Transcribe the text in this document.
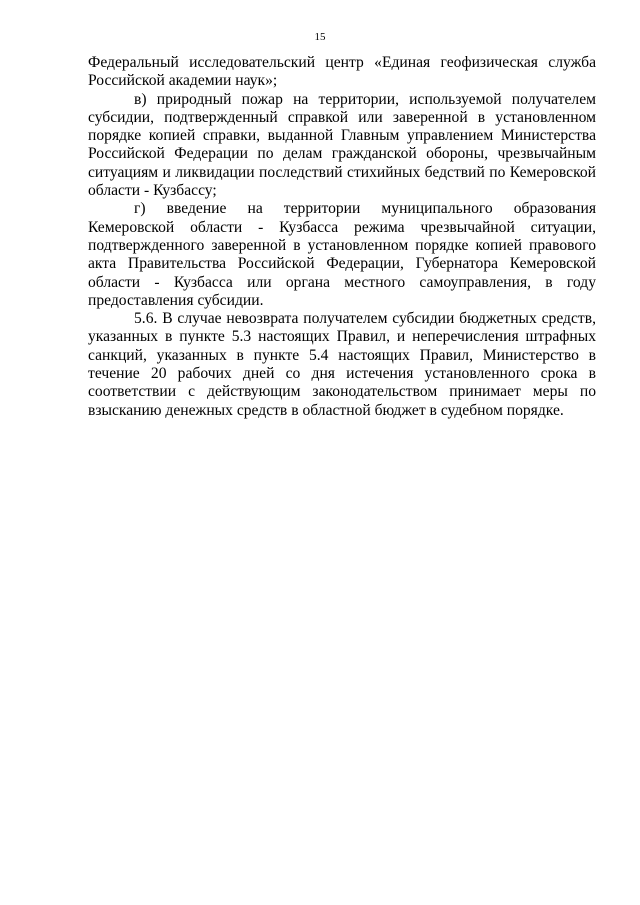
15

Федеральный исследовательский центр «Единая геофизическая служба Российской академии наук»;

в) природный пожар на территории, используемой получателем субсидии, подтвержденный справкой или заверенной в установленном порядке копией справки, выданной Главным управлением Министерства Российской Федерации по делам гражданской обороны, чрезвычайным ситуациям и ликвидации последствий стихийных бедствий по Кемеровской области - Кузбассу;

г) введение на территории муниципального образования Кемеровской области - Кузбасса режима чрезвычайной ситуации, подтвержденного заверенной в установленном порядке копией правового акта Правительства Российской Федерации, Губернатора Кемеровской области - Кузбасса или органа местного самоуправления, в году предоставления субсидии.

5.6. В случае невозврата получателем субсидии бюджетных средств, указанных в пункте 5.3 настоящих Правил, и неперечисления штрафных санкций, указанных в пункте 5.4 настоящих Правил, Министерство в течение 20 рабочих дней со дня истечения установленного срока в соответствии с действующим законодательством принимает меры по взысканию денежных средств в областной бюджет в судебном порядке.
